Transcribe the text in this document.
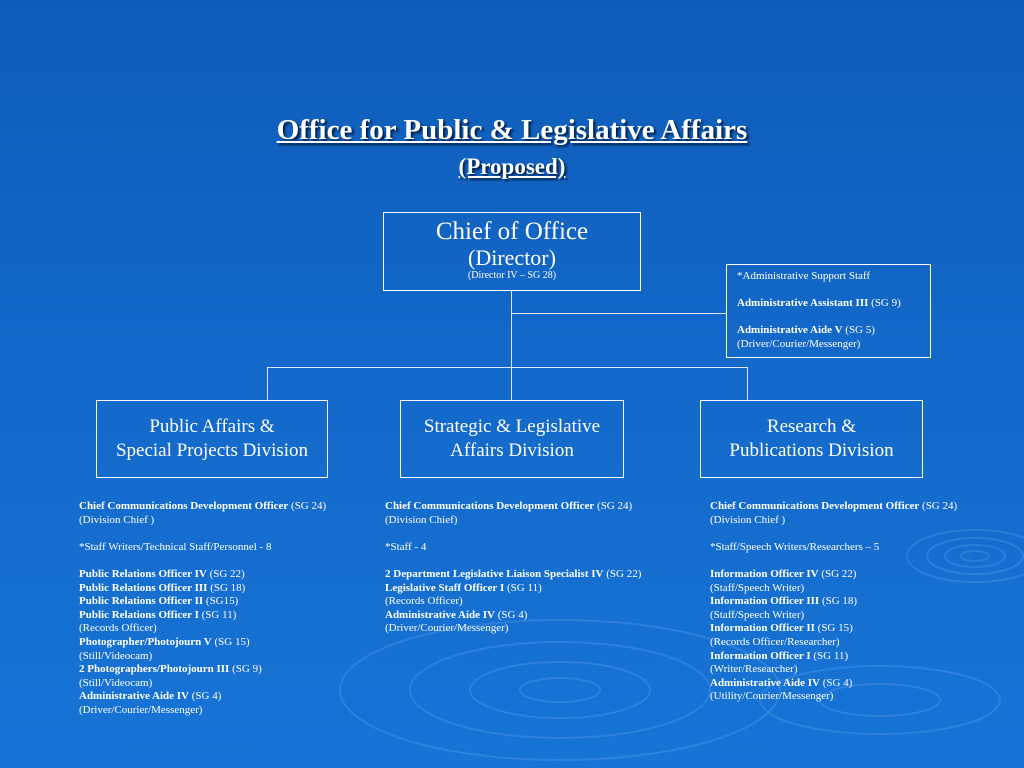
Office for Public & Legislative Affairs
(Proposed)
Chief of Office
(Director)
(Director IV – SG 28)	*Administrative Support Staff
Administrative Assistant III (SG 9)
Administrative Aide V (SG 5)
(Driver/Courier/Messenger)
Public Affairs &
Special Projects Division
Strategic & Legislative
Affairs Division
Research &
Publications Division
Chief Communications Development Officer (SG 24)
(Division Chief )
*Staff Writers/Technical Staff/Personnel - 8
Public Relations Officer IV (SG 22)
Public Relations Officer III (SG 18)
Public Relations Officer II (SG15)
Public Relations Officer I (SG 11)
(Records Officer)
Photographer/Photojourn V (SG 15)
(Still/Videocam)
2 Photographers/Photojourn III (SG 9)
(Still/Videocam)
Administrative Aide IV (SG 4)
(Driver/Courier/Messenger)
Chief Communications Development Officer (SG 24)
(Division Chief)
*Staff - 4
2 Department Legislative Liaison Specialist IV (SG 22)
Legislative Staff Officer I (SG 11)
(Records Officer)
Administrative Aide IV (SG 4)
(Driver/Courier/Messenger)
Chief Communications Development Officer (SG 24)
(Division Chief )
*Staff/Speech Writers/Researchers – 5
Information Officer IV (SG 22)
(Staff/Speech Writer)
Information Officer III (SG 18)
(Staff/Speech Writer)
Information Officer II (SG 15)
(Records Officer/Researcher)
Information Officer I (SG 11)
(Writer/Researcher)
Administrative Aide IV (SG 4)
(Utility/Courier/Messenger)
